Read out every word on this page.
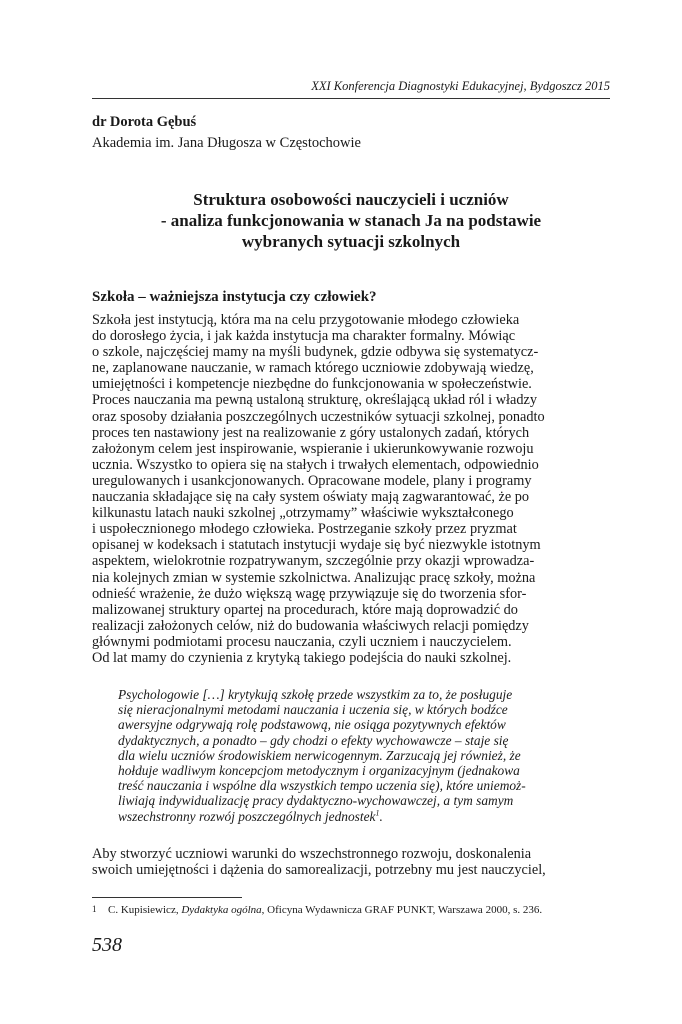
XXI Konferencja Diagnostyki Edukacyjnej, Bydgoszcz 2015
dr Dorota Gębuś
Akademia im. Jana Długosza w Częstochowie
Struktura osobowości nauczycieli i uczniów
- analiza funkcjonowania w stanach Ja na podstawie
wybranych sytuacji szkolnych
Szkoła – ważniejsza instytucja czy człowiek?
Szkoła jest instytucją, która ma na celu przygotowanie młodego człowieka
do dorosłego życia, i jak każda instytucja ma charakter formalny. Mówiąc
o szkole, najczęściej mamy na myśli budynek, gdzie odbywa się systematycz-
ne, zaplanowane nauczanie, w ramach którego uczniowie zdobywają wiedzę,
umiejętności i kompetencje niezbędne do funkcjonowania w społeczeństwie.
Proces nauczania ma pewną ustaloną strukturę, określającą układ ról i władzy
oraz sposoby działania poszczególnych uczestników sytuacji szkolnej, ponadto
proces ten nastawiony jest na realizowanie z góry ustalonych zadań, których
założonym celem jest inspirowanie, wspieranie i ukierunkowywanie rozwoju
ucznia. Wszystko to opiera się na stałych i trwałych elementach, odpowiednio
uregulowanych i usankcjonowanych. Opracowane modele, plany i programy
nauczania składające się na cały system oświaty mają zagwarantować, że po
kilkunastu latach nauki szkolnej „otrzymamy” właściwie wykształconego
i uspołecznionego młodego człowieka. Postrzeganie szkoły przez pryzmat
opisanej w kodeksach i statutach instytucji wydaje się być niezwykle istotnym
aspektem, wielokrotnie rozpatrywanym, szczególnie przy okazji wprowadza-
nia kolejnych zmian w systemie szkolnictwa. Analizując pracę szkoły, można
odnieść wrażenie, że dużo większą wagę przywiązuje się do tworzenia sfor-
malizowanej struktury opartej na procedurach, które mają doprowadzić do
realizacji założonych celów, niż do budowania właściwych relacji pomiędzy
głównymi podmiotami procesu nauczania, czyli uczniem i nauczycielem.
Od lat mamy do czynienia z krytyką takiego podejścia do nauki szkolnej.
Psychologowie […] krytykują szkołę przede wszystkim za to, że posługuje
się nieracjonalnymi metodami nauczania i uczenia się, w których bodźce
awersyjne odgrywają rolę podstawową, nie osiąga pozytywnych efektów
dydaktycznych, a ponadto – gdy chodzi o efekty wychowawcze – staje się
dla wielu uczniów środowiskiem nerwicogennym. Zarzucają jej również, że
hołduje wadliwym koncepcjom metodycznym i organizacyjnym (jednakowa
treść nauczania i wspólne dla wszystkich tempo uczenia się), które uniemoż-
liwiają indywidualizację pracy dydaktyczno-wychowawczej, a tym samym
wszechstronny rozwój poszczególnych jednostek$^1$.
Aby stworzyć uczniowi warunki do wszechstronnego rozwoju, doskonalenia
swoich umiejętności i dążenia do samorealizacji, potrzebny mu jest nauczyciel,
1 C. Kupisiewicz, Dydaktyka ogólna, Oficyna Wydawnicza GRAF PUNKT, Warszawa 2000, s. 236.
538
